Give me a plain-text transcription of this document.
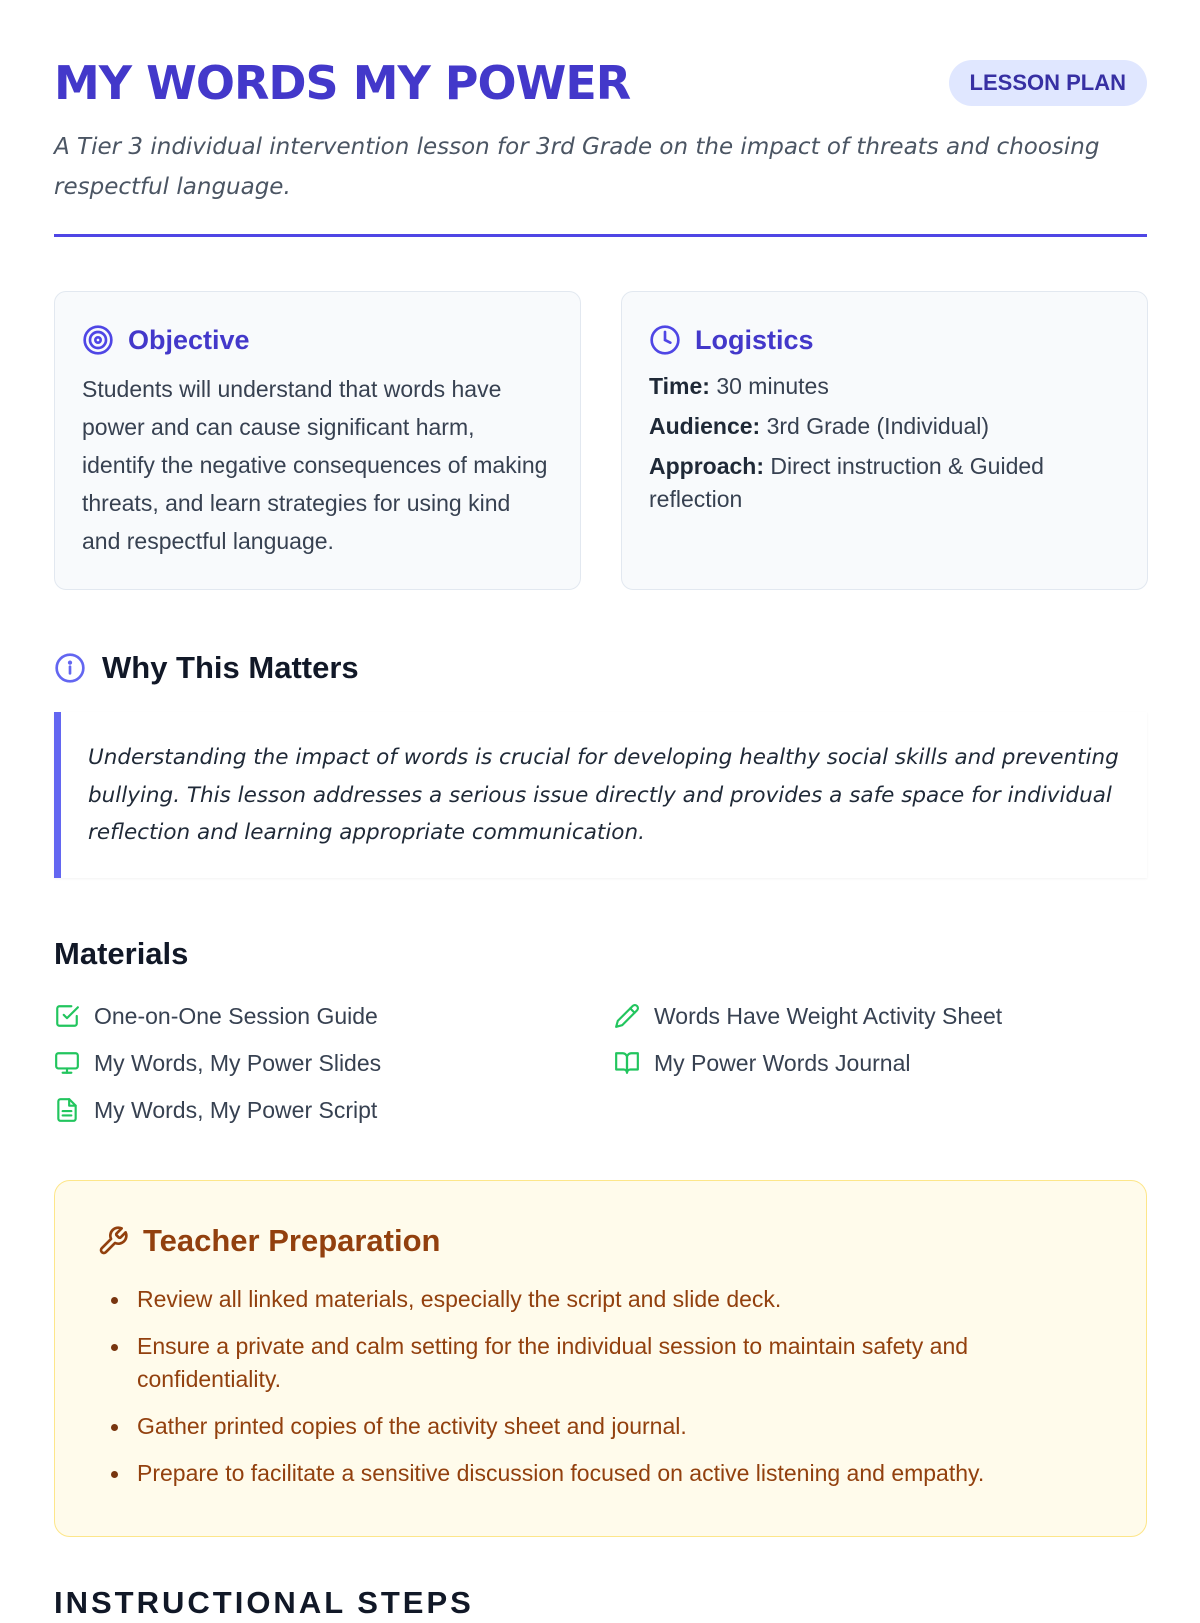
MY WORDS MY POWER	LESSON PLAN

A Tier 3 individual intervention lesson for 3rd Grade on the impact of threats and choosing respectful language.

Objective

Students will understand that words have power and can cause significant harm, identify the negative consequences of making threats, and learn strategies for using kind and respectful language.

Logistics
Time: 30 minutes
Audience: 3rd Grade (Individual)
Approach: Direct instruction & Guided reflection
Why This Matters
Understanding the impact of words is crucial for developing healthy social skills and preventing bullying. This lesson addresses a serious issue directly and provides a safe space for individual reflection and learning appropriate communication.
Materials
One-on-One Session Guide
My Words, My Power Slides
My Words, My Power Script
Words Have Weight Activity Sheet
My Power Words Journal
Teacher Preparation
Review all linked materials, especially the script and slide deck.
Ensure a private and calm setting for the individual session to maintain safety and confidentiality.
Gather printed copies of the activity sheet and journal.
Prepare to facilitate a sensitive discussion focused on active listening and empathy.
INSTRUCTIONAL STEPS
